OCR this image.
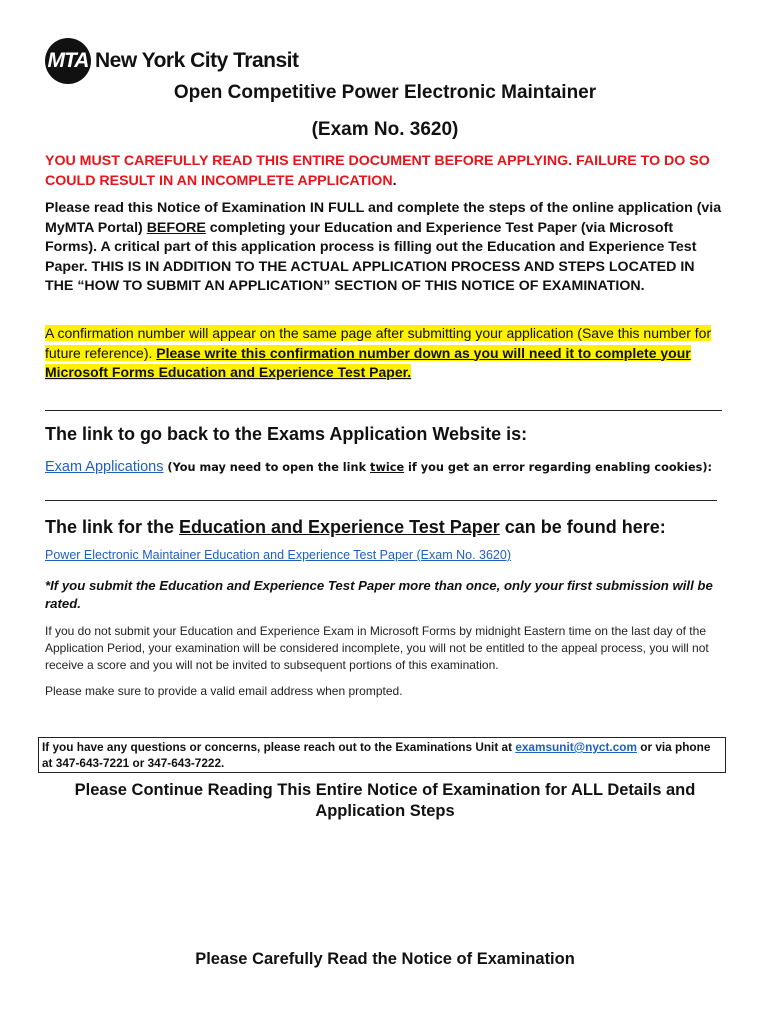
MTA New York City Transit
Open Competitive Power Electronic Maintainer
(Exam No. 3620)
YOU MUST CAREFULLY READ THIS ENTIRE DOCUMENT BEFORE APPLYING. FAILURE TO DO SO COULD RESULT IN AN INCOMPLETE APPLICATION.
Please read this Notice of Examination IN FULL and complete the steps of the online application (via MyMTA Portal) BEFORE completing your Education and Experience Test Paper (via Microsoft Forms). A critical part of this application process is filling out the Education and Experience Test Paper. THIS IS IN ADDITION TO THE ACTUAL APPLICATION PROCESS AND STEPS LOCATED IN THE “HOW TO SUBMIT AN APPLICATION” SECTION OF THIS NOTICE OF EXAMINATION.
A confirmation number will appear on the same page after submitting your application (Save this number for future reference). Please write this confirmation number down as you will need it to complete your Microsoft Forms Education and Experience Test Paper.
The link to go back to the Exams Application Website is:
Exam Applications (You may need to open the link twice if you get an error regarding enabling cookies):
The link for the Education and Experience Test Paper can be found here:
Power Electronic Maintainer Education and Experience Test Paper (Exam No. 3620)
*If you submit the Education and Experience Test Paper more than once, only your first submission will be rated.
If you do not submit your Education and Experience Exam in Microsoft Forms by midnight Eastern time on the last day of the Application Period, your examination will be considered incomplete, you will not be entitled to the appeal process, you will not receive a score and you will not be invited to subsequent portions of this examination.
Please make sure to provide a valid email address when prompted.
If you have any questions or concerns, please reach out to the Examinations Unit at examsunit@nyct.com or via phone at 347-643-7221 or 347-643-7222.
Please Continue Reading This Entire Notice of Examination for ALL Details and Application Steps
Please Carefully Read the Notice of Examination
